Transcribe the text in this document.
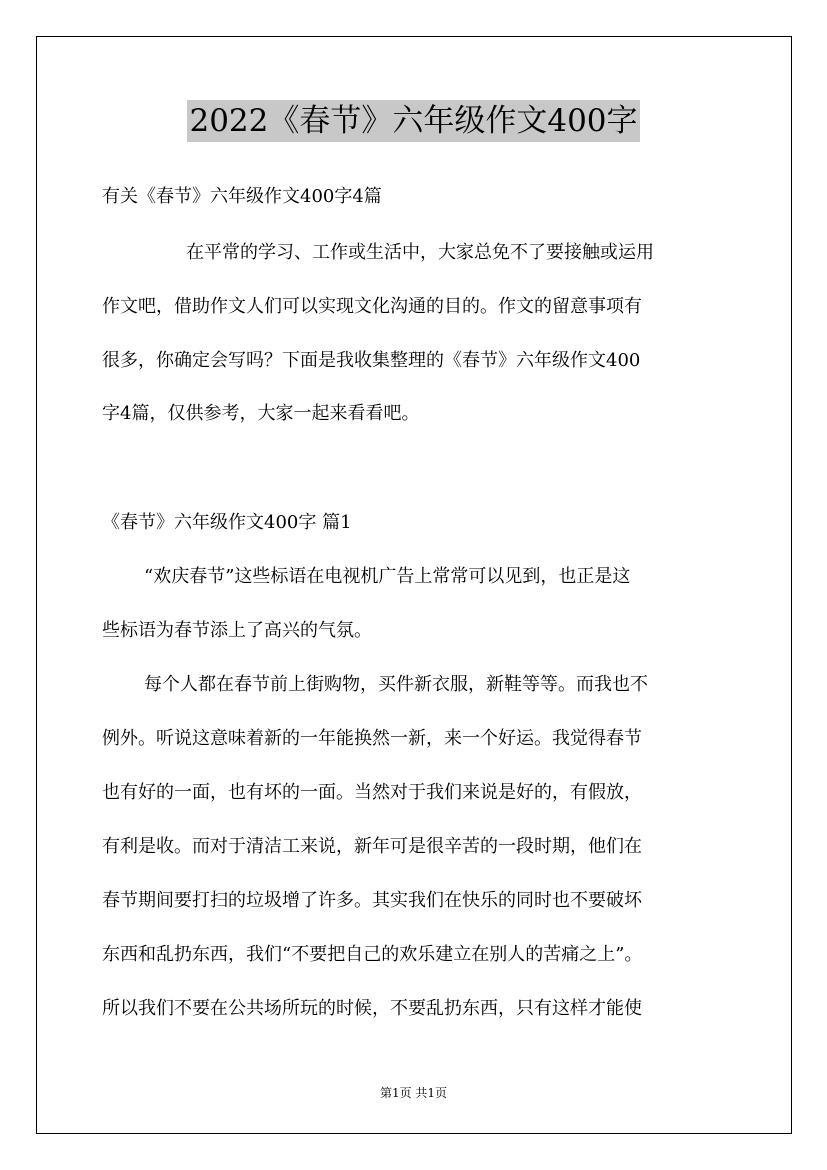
2022《春节》六年级作文400字
有关《春节》六年级作文400字4篇
在平常的学习、工作或生活中，大家总免不了要接触或运用
作文吧，借助作文人们可以实现文化沟通的目的。作文的留意事项有
很多，你确定会写吗？下面是我收集整理的《春节》六年级作文400
字4篇，仅供参考，大家一起来看看吧。
《春节》六年级作文400字 篇1
“欢庆春节”这些标语在电视机广告上常常可以见到，也正是这
些标语为春节添上了高兴的气氛。
每个人都在春节前上街购物，买件新衣服，新鞋等等。而我也不
例外。听说这意味着新的一年能换然一新，来一个好运。我觉得春节
也有好的一面，也有坏的一面。当然对于我们来说是好的，有假放，
有利是收。而对于清洁工来说，新年可是很辛苦的一段时期，他们在
春节期间要打扫的垃圾增了许多。其实我们在快乐的同时也不要破坏
东西和乱扔东西，我们“不要把自己的欢乐建立在别人的苦痛之上”。
所以我们不要在公共场所玩的时候，不要乱扔东西，只有这样才能使
第1页 共1页
